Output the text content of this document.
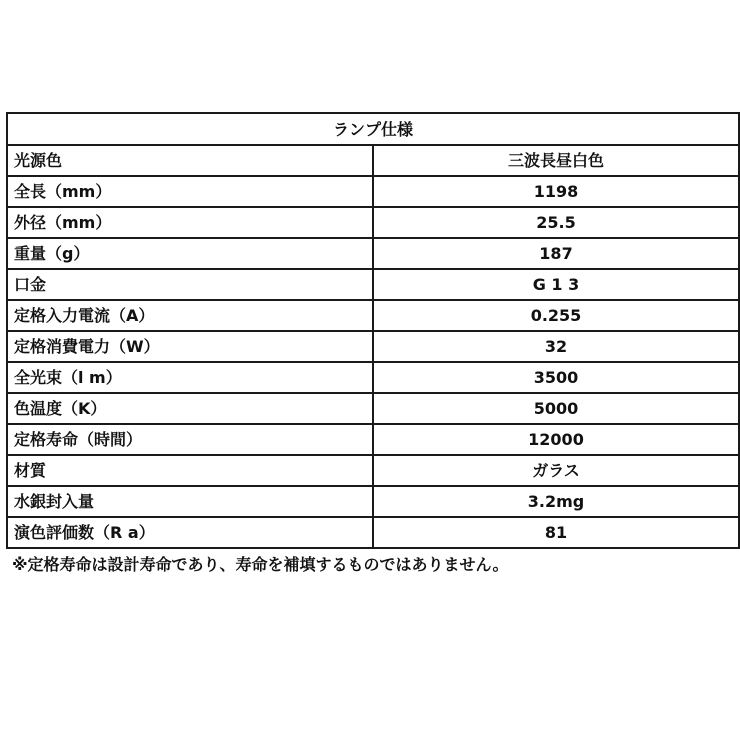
ランプ仕様	
光源色	三波長昼白色
全長（mm）	1198
外径（mm）	25.5
重量（g）	187
口金	G 1 3
定格入力電流（A）	0.255
定格消費電力（W）	32
全光束（l m）	3500
色温度（K）	5000
定格寿命（時間）	12000
材質	ガラス
水銀封入量	3.2mg
演色評価数（R a）	81
※定格寿命は設計寿命であり、寿命を補填するものではありません。
